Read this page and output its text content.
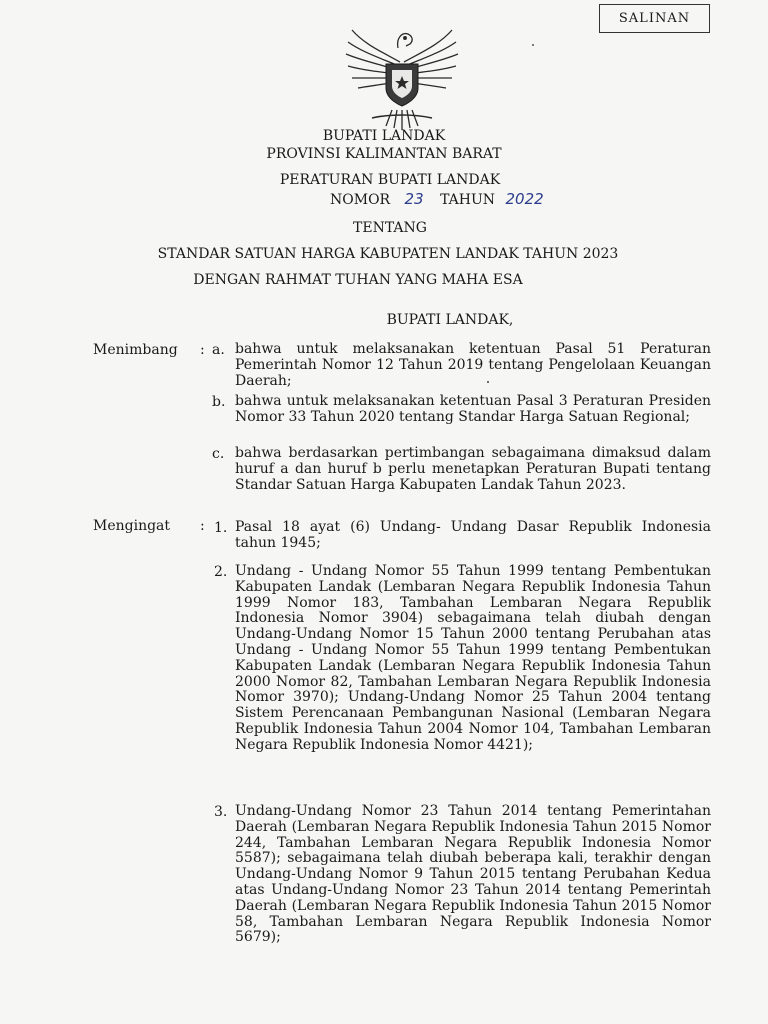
SALINAN
BUPATI LANDAK
PROVINSI KALIMANTAN BARAT
PERATURAN BUPATI LANDAK
NOMOR 23 TAHUN 2022
TENTANG
STANDAR SATUAN HARGA KABUPATEN LANDAK TAHUN 2023
DENGAN RAHMAT TUHAN YANG MAHA ESA
BUPATI LANDAK,
Menimbang : a. bahwa untuk melaksanakan ketentuan Pasal 51 Peraturan Pemerintah Nomor 12 Tahun 2019 tentang Pengelolaan Keuangan Daerah;
b. bahwa untuk melaksanakan ketentuan Pasal 3 Peraturan Presiden Nomor 33 Tahun 2020 tentang Standar Harga Satuan Regional;
c. bahwa berdasarkan pertimbangan sebagaimana dimaksud dalam huruf a dan huruf b perlu menetapkan Peraturan Bupati tentang Standar Satuan Harga Kabupaten Landak Tahun 2023.
Mengingat : 1. Pasal 18 ayat (6) Undang- Undang Dasar Republik Indonesia tahun 1945;
2. Undang - Undang Nomor 55 Tahun 1999 tentang Pembentukan Kabupaten Landak (Lembaran Negara Republik Indonesia Tahun 1999 Nomor 183, Tambahan Lembaran Negara Republik Indonesia Nomor 3904) sebagaimana telah diubah dengan Undang-Undang Nomor 15 Tahun 2000 tentang Perubahan atas Undang - Undang Nomor 55 Tahun 1999 tentang Pembentukan Kabupaten Landak (Lembaran Negara Republik Indonesia Tahun 2000 Nomor 82, Tambahan Lembaran Negara Republik Indonesia Nomor 3970); Undang-Undang Nomor 25 Tahun 2004 tentang Sistem Perencanaan Pembangunan Nasional (Lembaran Negara Republik Indonesia Tahun 2004 Nomor 104, Tambahan Lembaran Negara Republik Indonesia Nomor 4421);
3. Undang-Undang Nomor 23 Tahun 2014 tentang Pemerintahan Daerah (Lembaran Negara Republik Indonesia Tahun 2015 Nomor 244, Tambahan Lembaran Negara Republik Indonesia Nomor 5587); sebagaimana telah diubah beberapa kali, terakhir dengan Undang-Undang Nomor 9 Tahun 2015 tentang Perubahan Kedua atas Undang-Undang Nomor 23 Tahun 2014 tentang Pemerintah Daerah (Lembaran Negara Republik Indonesia Tahun 2015 Nomor 58, Tambahan Lembaran Negara Republik Indonesia Nomor 5679);
